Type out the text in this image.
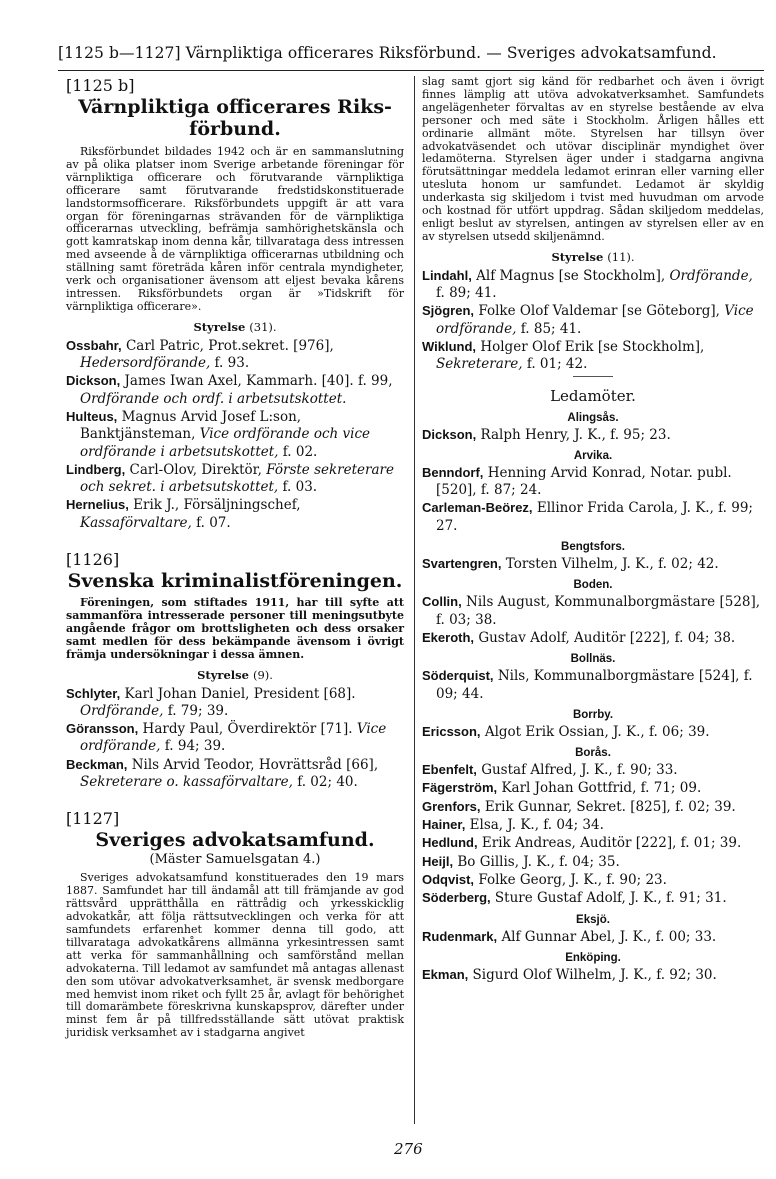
[1125 b—1127] Värnpliktiga officerares Riksförbund. — Sveriges advokatsamfund.

[1125 b]

Värnpliktiga officerares Riks-
förbund.

Riksförbundet bildades 1942 och är en sammanslutning av på olika platser inom Sverige arbetande föreningar för värnpliktiga officerare och förutvarande värnpliktiga officerare samt förutvarande fredstidskonstituerade landstormsofficerare. Riksförbundets uppgift är att vara organ för föreningarnas strävanden för de värnpliktiga officerarnas utveckling, befrämja samhörighetskänsla och gott kamratskap inom denna kår, tillvarataga dess intressen med avseende å de värnpliktiga officerarnas utbildning och ställning samt företräda kåren inför centrala myndigheter, verk och organisationer ävensom att eljest bevaka kårens intressen. Riksförbundets organ är »Tidskrift för värnpliktiga officerare».

Styrelse (31).

Ossbahr, Carl Patric, Prot.sekret. [976], Hedersordförande, f. 93.

Dickson, James Iwan Axel, Kammarh. [40]. f. 99, Ordförande och ordf. i arbetsutskottet.

Hulteus, Magnus Arvid Josef L:son, Banktjänsteman, Vice ordförande och vice ordförande i arbetsutskottet, f. 02.

Lindberg, Carl-Olov, Direktör, Förste sekreterare och sekret. i arbetsutskottet, f. 03.

Hernelius, Erik J., Försäljningschef, Kassaförvaltare, f. 07.

[1126]

Svenska kriminalistföreningen.

Föreningen, som stiftades 1911, har till syfte att sammanföra intresserade personer till meningsutbyte angående frågor om brottsligheten och dess orsaker samt medlen för dess bekämpande ävensom i övrigt främja undersökningar i dessa ämnen.

Styrelse (9).

Schlyter, Karl Johan Daniel, President [68]. Ordförande, f. 79; 39.

Göransson, Hardy Paul, Överdirektör [71]. Vice ordförande, f. 94; 39.

Beckman, Nils Arvid Teodor, Hovrättsråd [66], Sekreterare o. kassaförvaltare, f. 02; 40.

[1127]

Sveriges advokatsamfund.

(Mäster Samuelsgatan 4.)

Sveriges advokatsamfund konstituerades den 19 mars 1887. Samfundet har till ändamål att till främjande av god rättsvård upprätthålla en rättrådig och yrkesskicklig advokatkår, att följa rättsutvecklingen och verka för att samfundets erfarenhet kommer denna till godo, att tillvarataga advokatkårens allmänna yrkesintressen samt att verka för sammanhållning och samförstånd mellan advokaterna. Till ledamot av samfundet må antagas allenast den som utövar advokatverksamhet, är svensk medborgare med hemvist inom riket och fyllt 25 år, avlagt för behörighet till domarämbete föreskrivna kunskapsprov, därefter under minst fem år på tillfredsställande sätt utövat praktisk juridisk verksamhet av i stadgarna angivet

slag samt gjort sig känd för redbarhet och även i övrigt finnes lämplig att utöva advokatverksamhet. Samfundets angelägenheter förvaltas av en styrelse bestående av elva personer och med säte i Stockholm. Årligen hålles ett ordinarie allmänt möte. Styrelsen har tillsyn över advokatväsendet och utövar disciplinär myndighet över ledamöterna. Styrelsen äger under i stadgarna angivna förutsättningar meddela ledamot erinran eller varning eller utesluta honom ur samfundet. Ledamot är skyldig underkasta sig skiljedom i tvist med huvudman om arvode och kostnad för utfört uppdrag. Sådan skiljedom meddelas, enligt beslut av styrelsen, antingen av styrelsen eller av en av styrelsen utsedd skiljenämnd.

Styrelse (11).

Lindahl, Alf Magnus [se Stockholm], Ordförande, f. 89; 41.

Sjögren, Folke Olof Valdemar [se Göteborg], Vice ordförande, f. 85; 41.

Wiklund, Holger Olof Erik [se Stockholm], Sekreterare, f. 01; 42.

Ledamöter.

Alingsås.

Dickson, Ralph Henry, J. K., f. 95; 23.

Arvika.

Benndorf, Henning Arvid Konrad, Notar. publ. [520], f. 87; 24.

Carleman-Beörez, Ellinor Frida Carola, J. K., f. 99; 27.

Bengtsfors.

Svartengren, Torsten Vilhelm, J. K., f. 02; 42.

Boden.

Collin, Nils August, Kommunalborgmästare [528], f. 03; 38.

Ekeroth, Gustav Adolf, Auditör [222], f. 04; 38.

Bollnäs.

Söderquist, Nils, Kommunalborgmästare [524], f. 09; 44.

Borrby.

Ericsson, Algot Erik Ossian, J. K., f. 06; 39.

Borås.

Ebenfelt, Gustaf Alfred, J. K., f. 90; 33.

Fägerström, Karl Johan Gottfrid, f. 71; 09.

Grenfors, Erik Gunnar, Sekret. [825], f. 02; 39.

Hainer, Elsa, J. K., f. 04; 34.

Hedlund, Erik Andreas, Auditör [222], f. 01; 39.

Heijl, Bo Gillis, J. K., f. 04; 35.

Odqvist, Folke Georg, J. K., f. 90; 23.

Söderberg, Sture Gustaf Adolf, J. K., f. 91; 31.

Eksjö.

Rudenmark, Alf Gunnar Abel, J. K., f. 00; 33.

Enköping.

Ekman, Sigurd Olof Wilhelm, J. K., f. 92; 30.

276
